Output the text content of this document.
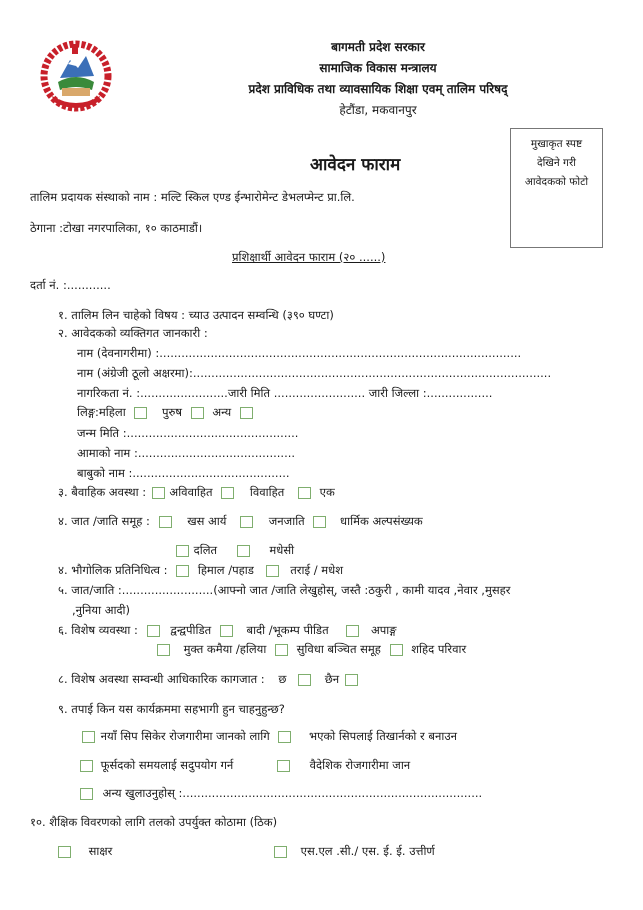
बागमती प्रदेश सरकार
सामाजिक विकास मन्त्रालय
प्रदेश प्राविधिक तथा व्यावसायिक शिक्षा एवम् तालिम परिषद्
हेटौंडा, मकवानपुर
मुखाकृत स्पष्ट
देखिने गरी
आवेदकको फोटो
आवेदन फाराम
तालिम प्रदायक संस्थाको नाम : मल्टि स्किल एण्ड ईन्भारोमेन्ट डेभलप्मेन्ट प्रा.लि.
ठेगाना :टोखा नगरपालिका, १० काठमाडौं।
प्रशिक्षार्थी आवेदन फाराम (२० ......)
दर्ता नं. :............
१. तालिम लिन चाहेको विषय : च्याउ उत्पादन सम्वन्धि (३९० घण्टा)
२. आवेदकको व्यक्तिगत जानकारी :
नाम (देवनागरीमा) :...................................................................................................
नाम (अंग्रेजी ठूलो अक्षरमा):..................................................................................................
नागरिकता नं. :........................जारी मिति ......................... जारी जिल्ला :..................
लिङ्ग:महिला	पुरुष	अन्य
जन्म मिति :...............................................
आमाको नाम :...........................................
बाबुको नाम :...........................................
३. बैवाहिक अवस्था : अविवाहित	विवाहित	एक
४. जात /जाति समूह :	खस आर्य	जनजाति	धार्मिक अल्पसंख्यक
दलित	मधेसी
४. भौगोलिक प्रतिनिधित्व :	हिमाल /पहाड	तराई / मधेश
५. जात/जाति :.........................(आफ्नो जात /जाति लेखुहोस्, जस्तै :ठकुरी , कामी यादव ,नेवार ,मुसहर
,नुनिया आदी)
६. विशेष व्यवस्था :	द्वन्द्वपीडित	बादी /भूकम्प पीडित	अपाङ्ग
मुक्त कमैया /हलिया	सुविधा बञ्चित समूह	शहिद परिवार
८. विशेष अवस्था सम्वन्धी आधिकारिक कागजात : छ	छैन
९. तपाई किन यस कार्यक्रममा सहभागी हुन चाहनुहुन्छ?
नयाँ सिप सिकेर रोजगारीमा जानको लागि	भएको सिपलाई तिखार्नको र बनाउन
फूर्सदको समयलाई सदुपयोग गर्न	वैदेशिक रोजगारीमा जान
अन्य खुलाउनुहोस् :..................................................................................
१०. शैक्षिक विवरणको लागि तलको उपर्युक्त कोठामा (ठिक)
साक्षर	एस.एल .सी./ एस. ई. ई. उत्तीर्ण
